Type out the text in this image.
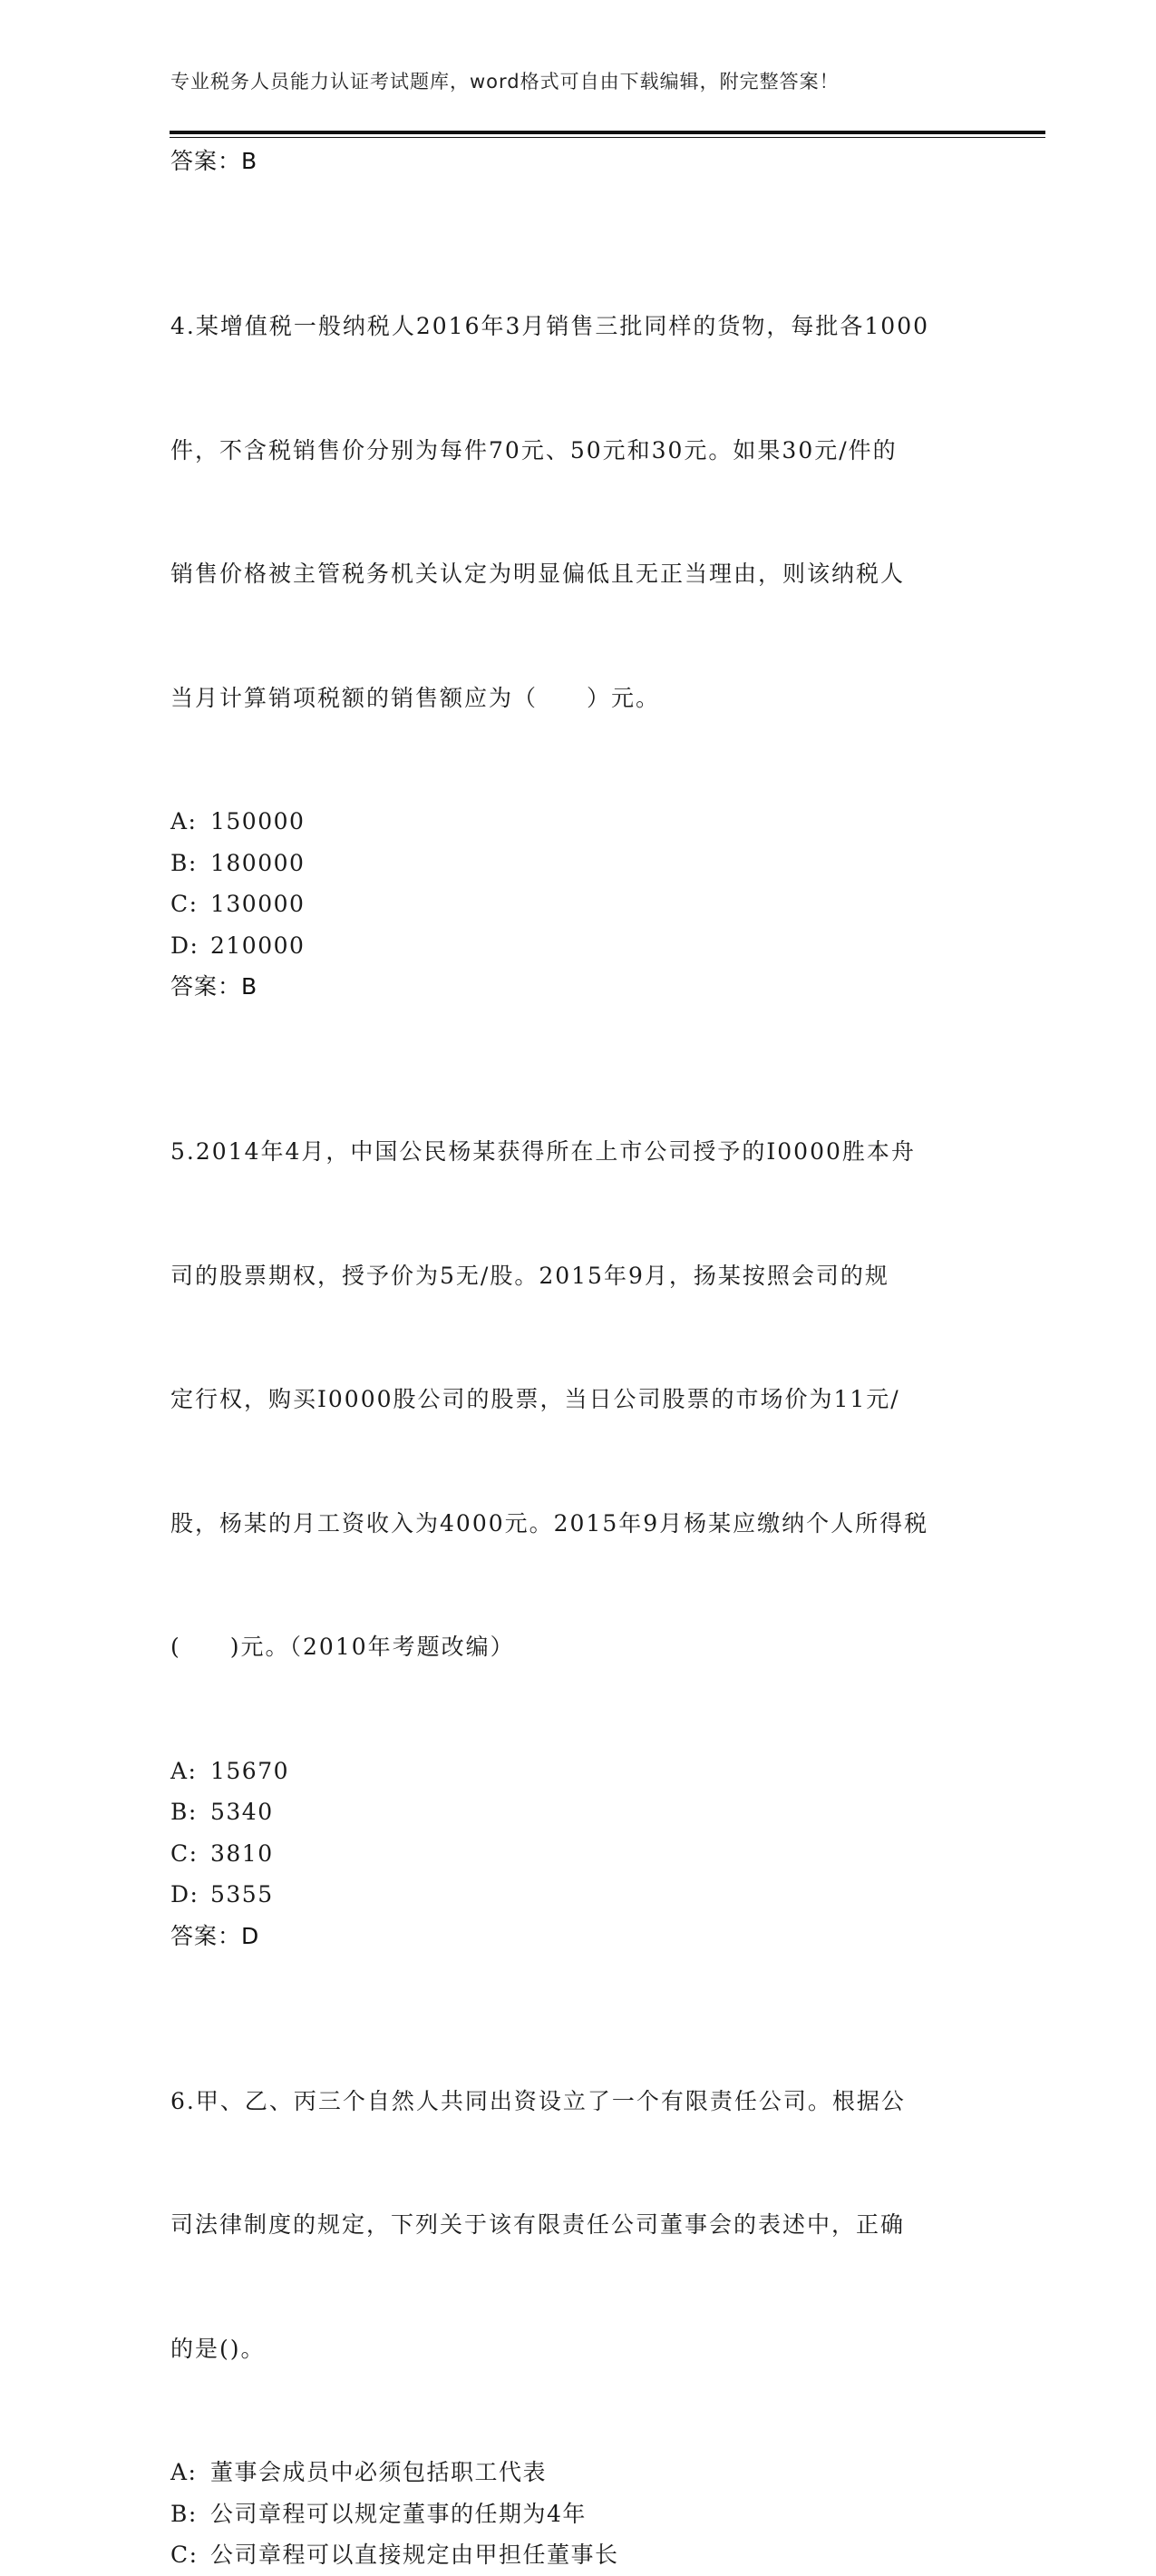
专业税务人员能力认证考试题库，word格式可自由下载编辑，附完整答案！
答案：B

4.某增值税一般纳税人2016年3月销售三批同样的货物，每批各1000

件，不含税销售价分别为每件70元、50元和30元。如果30元/件的

销售价格被主管税务机关认定为明显偏低且无正当理由，则该纳税人

当月计算销项税额的销售额应为（　　）元。

A: 150000
B: 180000
C: 130000
D: 210000
答案：B

5.2014年4月，中国公民杨某获得所在上市公司授予的I0000胜本舟

司的股票期权，授予价为5无/股。2015年9月，扬某按照会司的规

定行权，购买I0000股公司的股票，当日公司股票的市场价为11元/

股，杨某的月工资收入为4000元。2015年9月杨某应缴纳个人所得税

(　　)元。（2010年考题改编）

A: 15670
B: 5340
C: 3810
D: 5355
答案：D

6.甲、乙、丙三个自然人共同出资设立了一个有限责任公司。根据公

司法律制度的规定，下列关于该有限责任公司董事会的表述中，正确

的是()。

A: 董事会成员中必须包括职工代表
B: 公司章程可以规定董事的任期为4年
C: 公司章程可以直接规定由甲担任董事长
